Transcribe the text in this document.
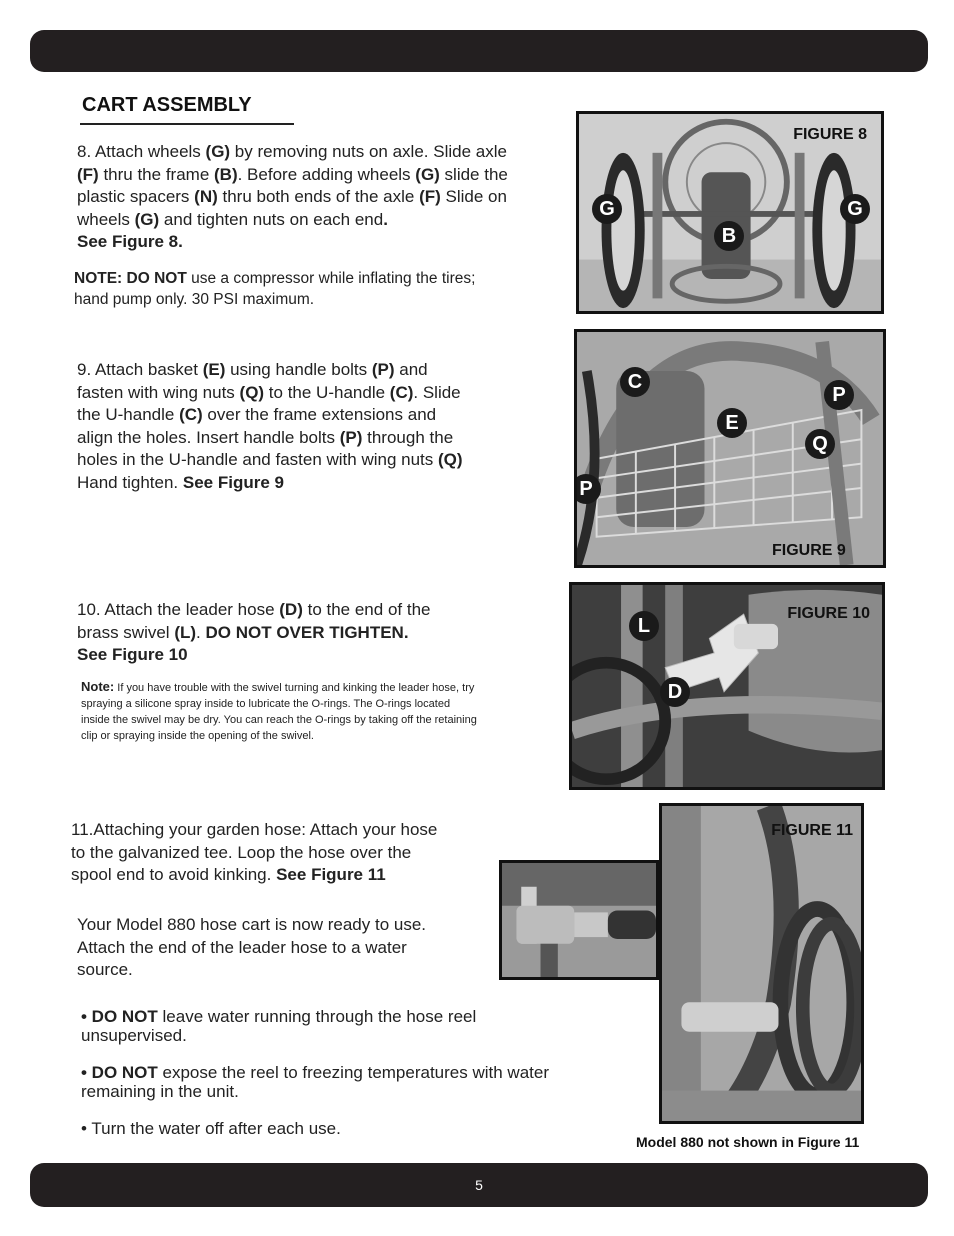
5
CART ASSEMBLY
8. Attach wheels (G) by removing nuts on axle. Slide axle
(F) thru the frame (B). Before adding wheels (G) slide the
plastic spacers (N) thru both ends of the axle (F) Slide on
wheels (G) and tighten nuts on each end.
See Figure 8.
NOTE: DO NOT use a compressor while inflating the tires;
hand pump only. 30 PSI maximum.
9. Attach basket (E) using handle bolts (P) and
fasten with wing nuts (Q) to the U-handle (C). Slide
the U-handle (C) over the frame extensions and
align the holes. Insert handle bolts (P) through the
holes in the U-handle and fasten with wing nuts (Q)
Hand tighten. See Figure 9
10. Attach the leader hose (D) to the end of the
brass swivel (L). DO NOT OVER TIGHTEN.
See Figure 10
Note: If you have trouble with the swivel turning and kinking the leader hose, try
spraying a silicone spray inside to lubricate the O-rings. The O-rings located
inside the swivel may be dry. You can reach the O-rings by taking off the retaining
clip or spraying inside the opening of the swivel.
11.Attaching your garden hose: Attach your hose
to the galvanized tee. Loop the hose over the
spool end to avoid kinking. See Figure 11
Your Model 880 hose cart is now ready to use.
Attach the end of the leader hose to a water
source.
• DO NOT leave water running through the hose reel
unsupervised.
• DO NOT expose the reel to freezing temperatures with water
remaining in the unit.
• Turn the water off after each use.
FIGURE 8
G
B
G
C
P
E
Q
P
FIGURE 9
FIGURE 10
L
D
FIGURE 11
Model 880 not shown in Figure 11
